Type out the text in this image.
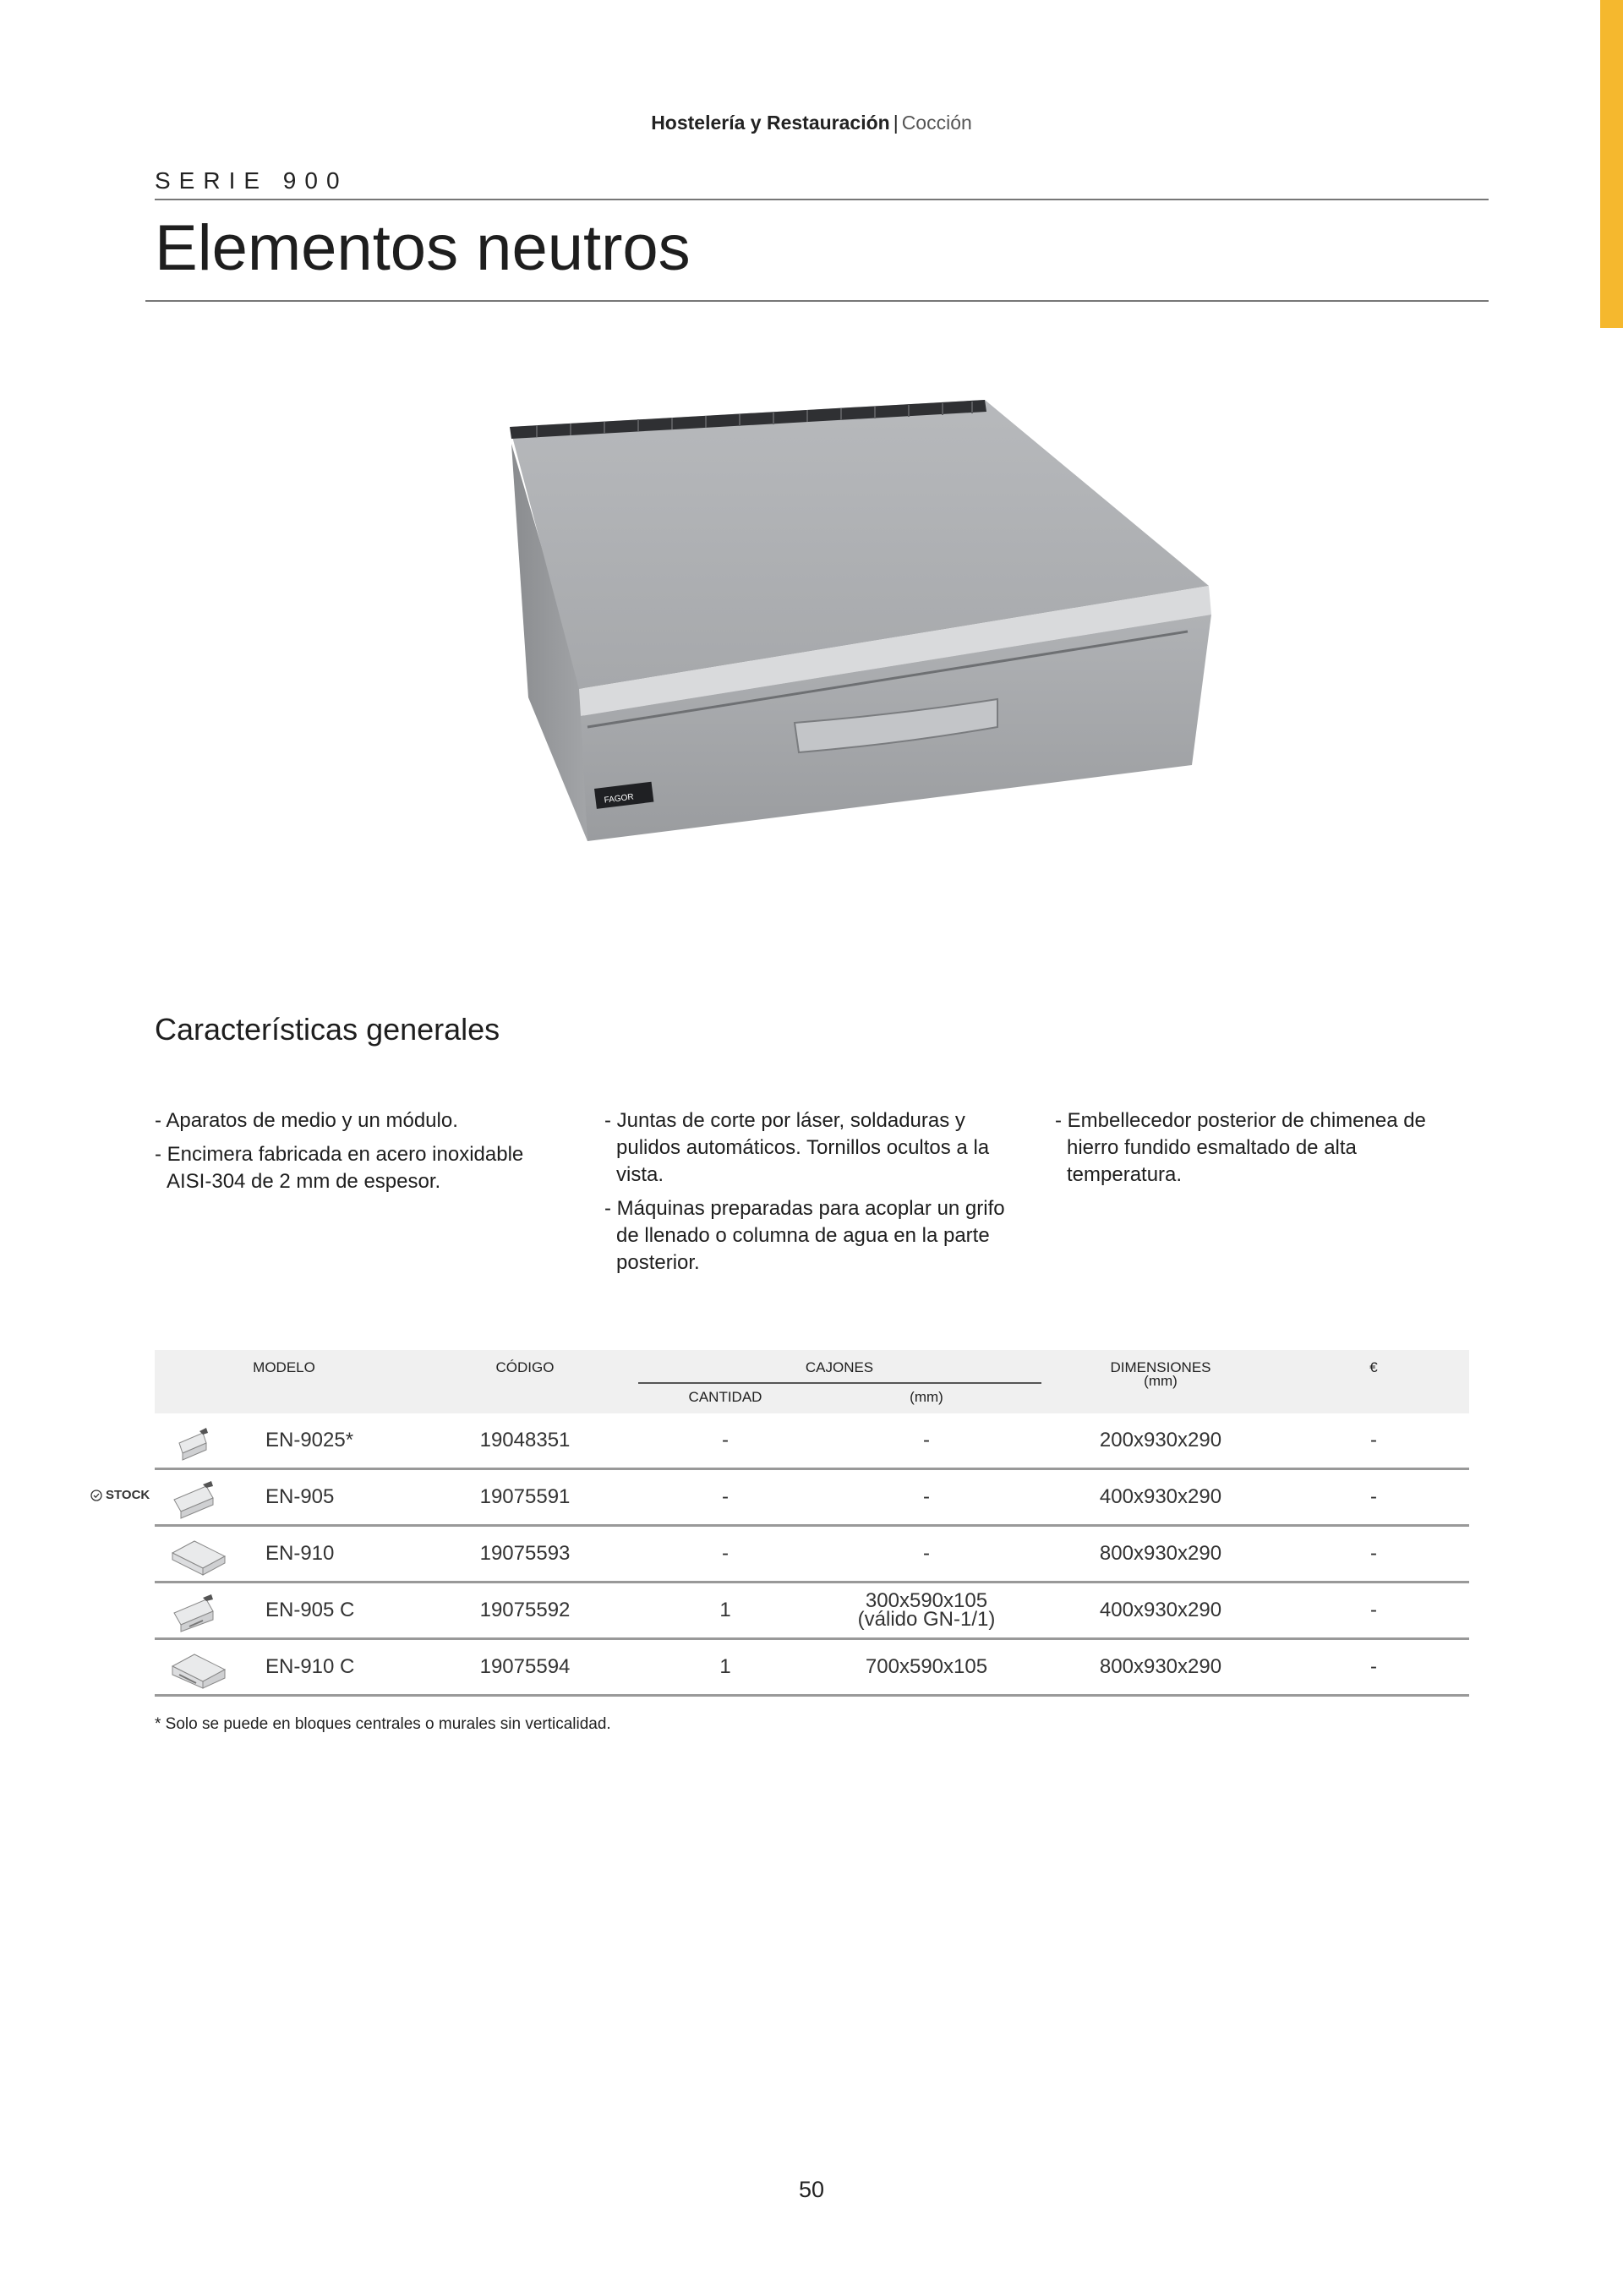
Hostelería y Restauración | Cocción
SERIE 900
Elementos neutros
FAGOR
Características generales
- Aparatos de medio y un módulo.
- Encimera fabricada en acero inoxidable AISI-304 de 2 mm de espesor.
- Juntas de corte por láser, soldaduras y pulidos automáticos. Tornillos ocultos a la vista.
- Máquinas preparadas para acoplar un grifo de llenado o columna de agua en la parte posterior.
- Embellecedor posterior de chimenea de hierro fundido esmaltado de alta temperatura.
MODELO	CÓDIGO	CAJONES
CANTIDAD	(mm)
DIMENSIONES
(mm)
€
EN-9025*	19048351	-	-	200x930x290	-
EN-905	19075591	-	-	400x930x290	-
EN-910	19075593	-	-	800x930x290	-
EN-905 C	19075592	1	300x590x105 (válido GN-1/1)	400x930x290	-
EN-910 C	19075594	1	700x590x105	800x930x290	-
STOCK
* Solo se puede en bloques centrales o murales sin verticalidad.
50
